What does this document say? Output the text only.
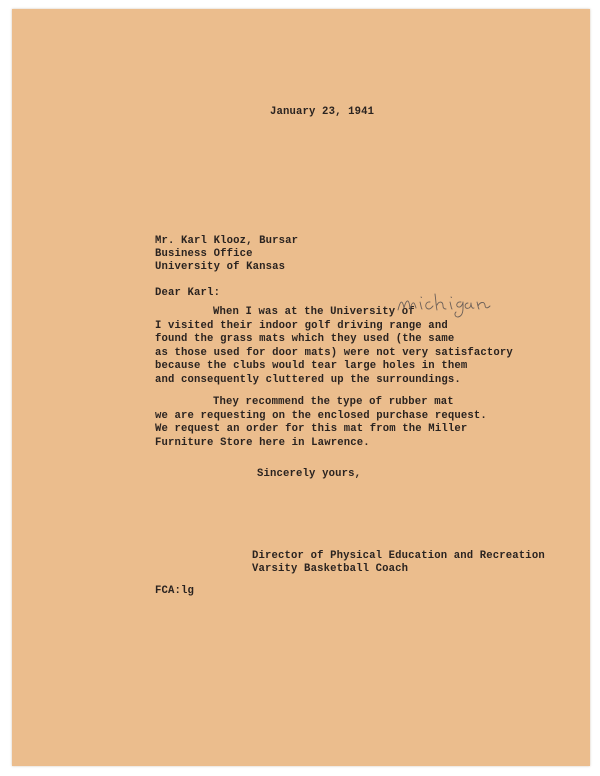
January 23, 1941
Mr. Karl Klooz, Bursar
Business Office
University of Kansas
Dear Karl:
When I was at the University of
I visited their indoor golf driving range and
found the grass mats which they used (the same
as those used for door mats) were not very satisfactory
because the clubs would tear large holes in them
and consequently cluttered up the surroundings.
They recommend the type of rubber mat
we are requesting on the enclosed purchase request.
We request an order for this mat from the Miller
Furniture Store here in Lawrence.
Sincerely yours,
Director of Physical Education and Recreation
Varsity Basketball Coach
FCA:lg
